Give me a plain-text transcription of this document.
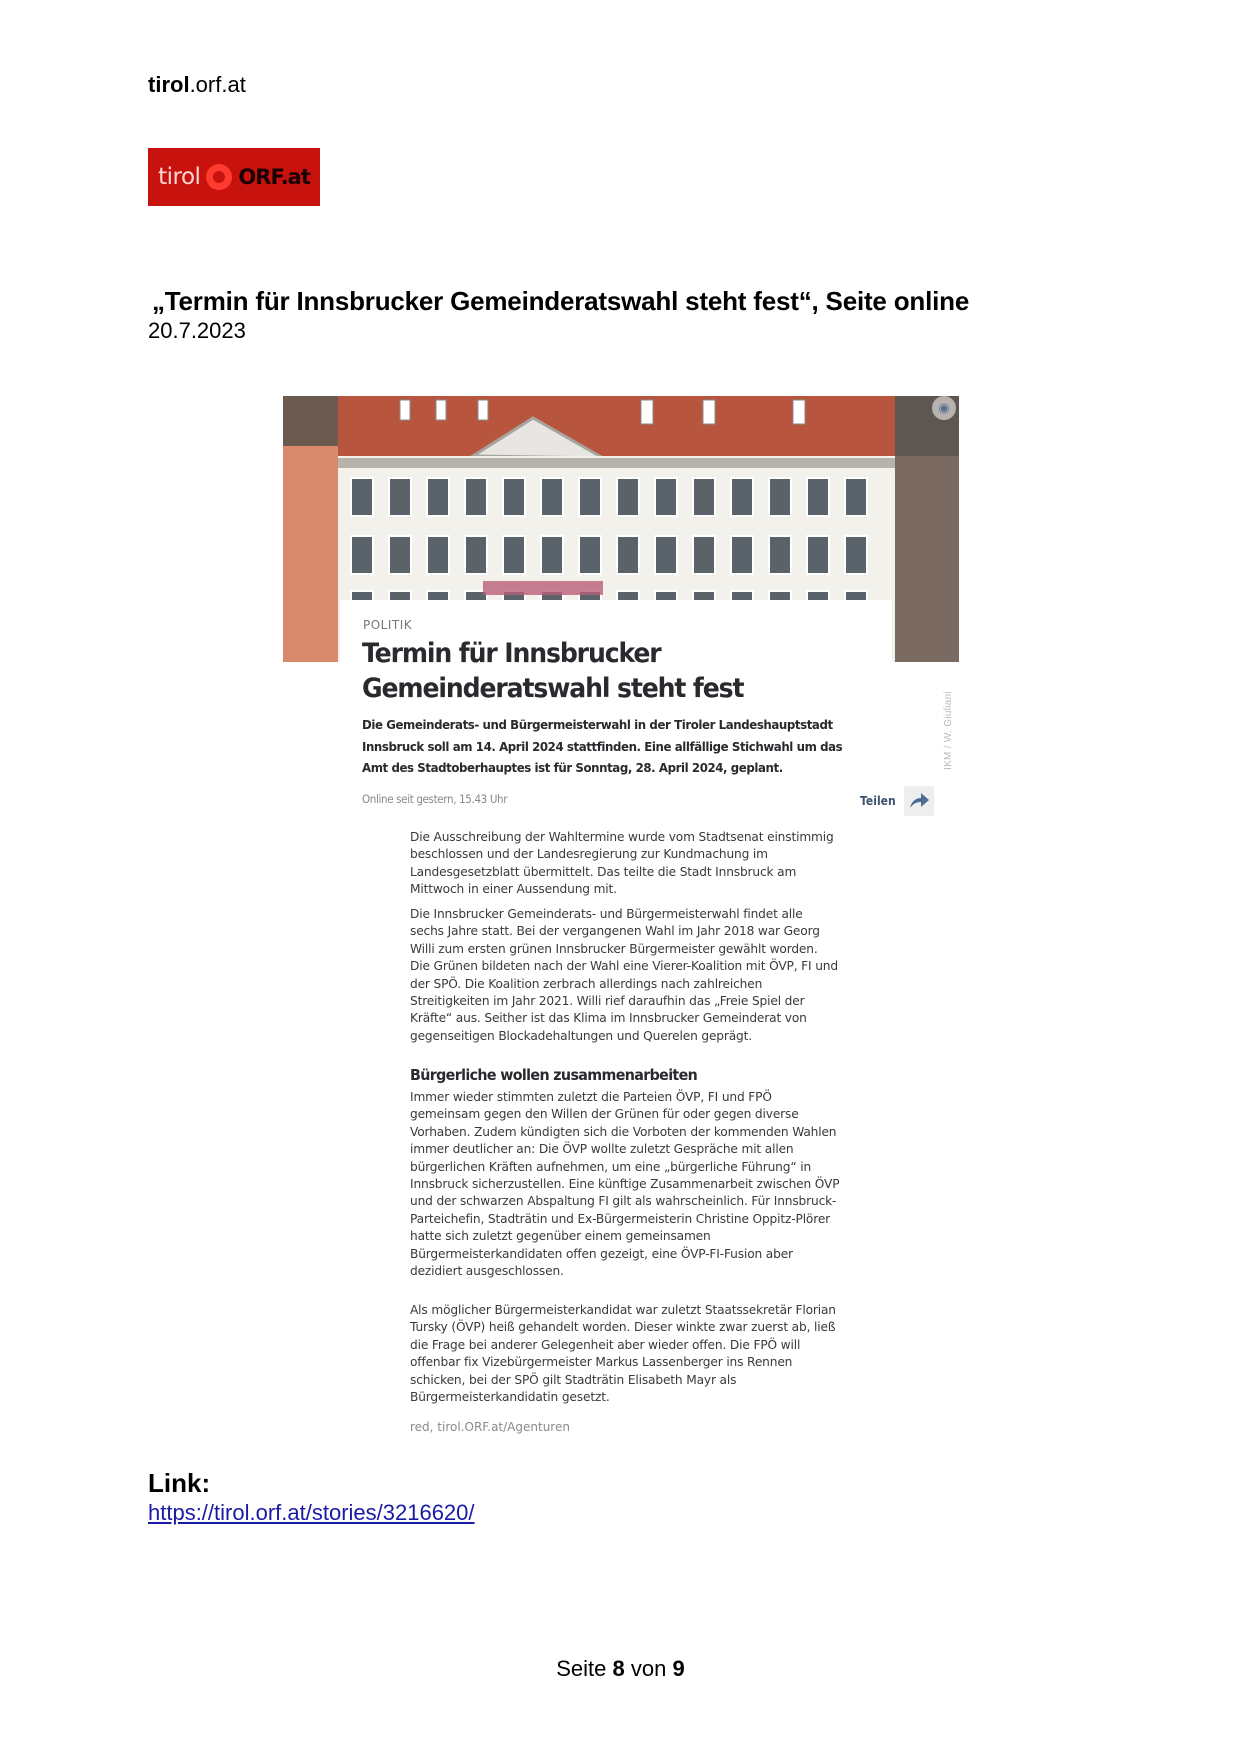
tirol.orf.at
tirol ORF.at
„Termin für Innsbrucker Gemeinderatswahl steht fest“, Seite online
20.7.2023
◉
IKM / W. Giuliani
POLITIK
Termin für Innsbrucker Gemeinderatswahl steht fest
Die Gemeinderats- und Bürgermeisterwahl in der Tiroler Landeshauptstadt Innsbruck soll am 14. April 2024 stattfinden. Eine allfällige Stichwahl um das Amt des Stadtoberhauptes ist für Sonntag, 28. April 2024, geplant.
Online seit gestern, 15.43 Uhr	Teilen
Die Ausschreibung der Wahltermine wurde vom Stadtsenat einstimmig beschlossen und der Landesregierung zur Kundmachung im Landesgesetzblatt übermittelt. Das teilte die Stadt Innsbruck am Mittwoch in einer Aussendung mit.
Die Innsbrucker Gemeinderats- und Bürgermeisterwahl findet alle sechs Jahre statt. Bei der vergangenen Wahl im Jahr 2018 war Georg Willi zum ersten grünen Innsbrucker Bürgermeister gewählt worden. Die Grünen bildeten nach der Wahl eine Vierer-Koalition mit ÖVP, FI und der SPÖ. Die Koalition zerbrach allerdings nach zahlreichen Streitigkeiten im Jahr 2021. Willi rief daraufhin das „Freie Spiel der Kräfte“ aus. Seither ist das Klima im Innsbrucker Gemeinderat von gegenseitigen Blockadehaltungen und Querelen geprägt.
Bürgerliche wollen zusammenarbeiten
Immer wieder stimmten zuletzt die Parteien ÖVP, FI und FPÖ gemeinsam gegen den Willen der Grünen für oder gegen diverse Vorhaben. Zudem kündigten sich die Vorboten der kommenden Wahlen immer deutlicher an: Die ÖVP wollte zuletzt Gespräche mit allen bürgerlichen Kräften aufnehmen, um eine „bürgerliche Führung“ in Innsbruck sicherzustellen. Eine künftige Zusammenarbeit zwischen ÖVP und der schwarzen Abspaltung FI gilt als wahrscheinlich. Für Innsbruck-Parteichefin, Stadträtin und Ex-Bürgermeisterin Christine Oppitz-Plörer hatte sich zuletzt gegenüber einem gemeinsamen Bürgermeisterkandidaten offen gezeigt, eine ÖVP-FI-Fusion aber dezidiert ausgeschlossen.
Als möglicher Bürgermeisterkandidat war zuletzt Staatssekretär Florian Tursky (ÖVP) heiß gehandelt worden. Dieser winkte zwar zuerst ab, ließ die Frage bei anderer Gelegenheit aber wieder offen. Die FPÖ will offenbar fix Vizebürgermeister Markus Lassenberger ins Rennen schicken, bei der SPÖ gilt Stadträtin Elisabeth Mayr als Bürgermeisterkandidatin gesetzt.
red, tirol.ORF.at/Agenturen
Link:
https://tirol.orf.at/stories/3216620/
Seite 8 von 9
